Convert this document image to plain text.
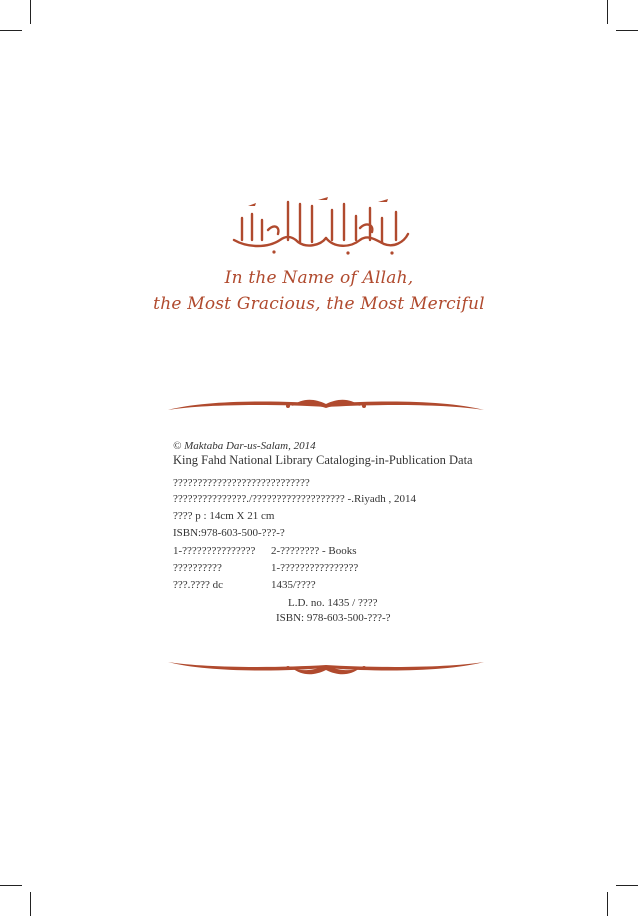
In the Name of Allah,
the Most Gracious, the Most Merciful
© Maktaba Dar-us-Salam, 2014
King Fahd National Library Cataloging-in-Publication Data
????????????????????????????
???????????????./??????????????????? -.Riyadh , 2014
???? p : 14cm X 21 cm
ISBN:978-603-500-???-?
1-??????????????? 2-???????? - Books
??????????	1-????????????????
???.???? dc	1435/????
L.D. no. 1435 / ????
ISBN: 978-603-500-???-?
